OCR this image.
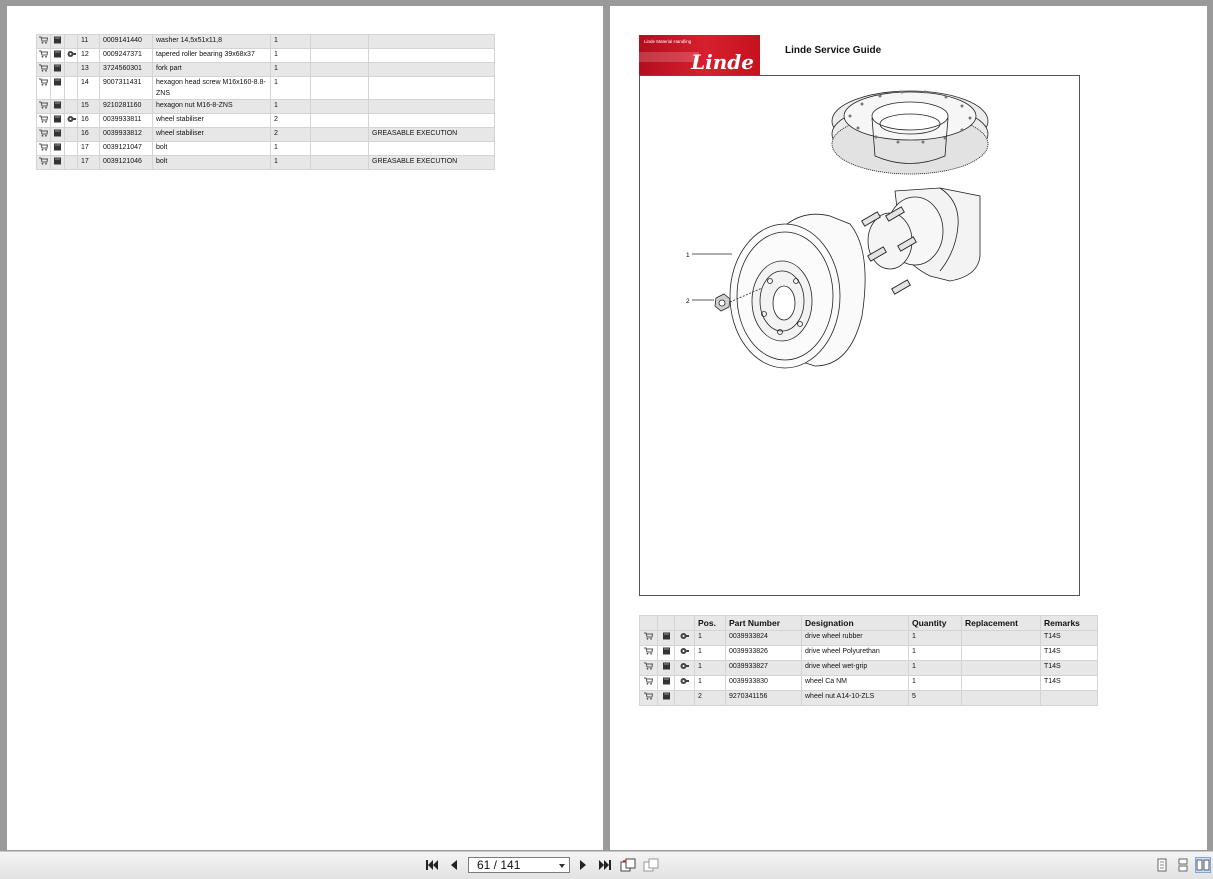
		11	0009141440	washer 14,5x51x11,8	1		

	12	0009247371	tapered roller bearing 39x68x37	1		

		13	3724560301	fork part	1		

		14	9007311431	hexagon head screw M16x160-8.8-ZNS	1		

		15	9210281160	hexagon nut M16-8-ZNS	1		

	16	0039933811	wheel stabiliser	2		

		16	0039933812	wheel stabiliser	2		GREASABLE EXECUTION

		17	0039121047	bolt	1		

		17	0039121046	bolt	1		GREASABLE EXECUTION
Linde Material Handling
Linde	Linde Service Guide
1
2
			Pos.	Part Number	Designation	Quantity	Replacement	Remarks

	1	0039933824	drive wheel rubber	1		T14S

	1	0039933826	drive wheel Polyurethan	1		T14S

	1	0039933827	drive wheel wet-grip	1		T14S

	1	0039933830	wheel Ca NM	1		T14S

		2	9270341156	wheel nut A14-10-ZLS	5		
61 / 141
